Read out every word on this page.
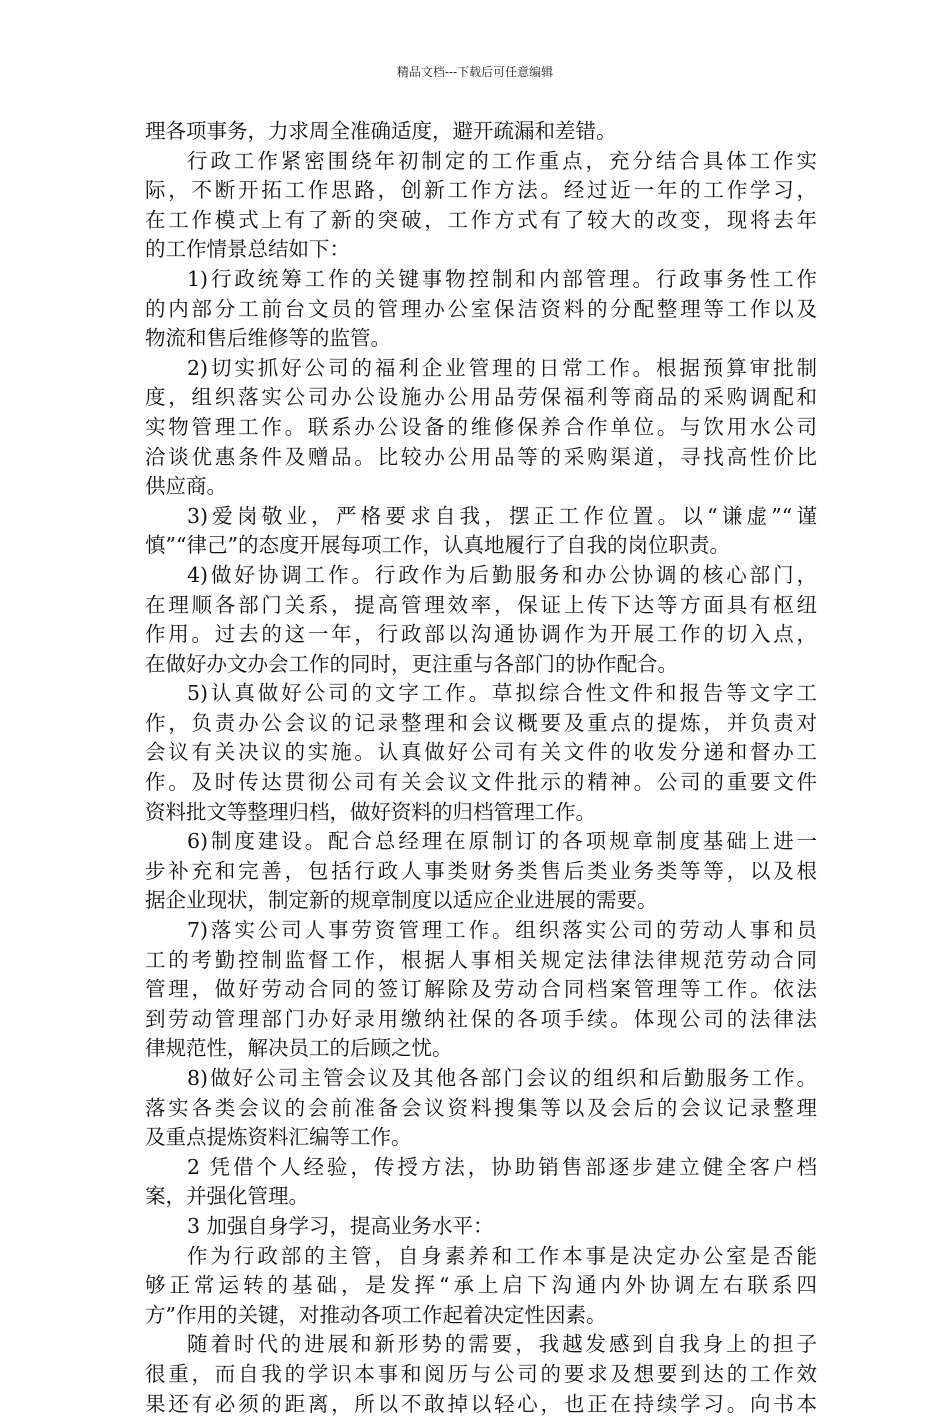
精品文档---下载后可任意编辑
理各项事务，力求周全准确适度，避开疏漏和差错。
行政工作紧密围绕年初制定的工作重点，充分结合具体工作实
际，不断开拓工作思路，创新工作方法。经过近一年的工作学习，
在工作模式上有了新的突破，工作方式有了较大的改变，现将去年
的工作情景总结如下：
1)行政统筹工作的关键事物控制和内部管理。行政事务性工作
的内部分工前台文员的管理办公室保洁资料的分配整理等工作以及
物流和售后维修等的监管。
2)切实抓好公司的福利企业管理的日常工作。根据预算审批制
度，组织落实公司办公设施办公用品劳保福利等商品的采购调配和
实物管理工作。联系办公设备的维修保养合作单位。与饮用水公司
洽谈优惠条件及赠品。比较办公用品等的采购渠道，寻找高性价比
供应商。
3)爱岗敬业，严格要求自我，摆正工作位置。以“谦虚”“谨
慎”“律己”的态度开展每项工作，认真地履行了自我的岗位职责。
4)做好协调工作。行政作为后勤服务和办公协调的核心部门，
在理顺各部门关系，提高管理效率，保证上传下达等方面具有枢纽
作用。过去的这一年，行政部以沟通协调作为开展工作的切入点，
在做好办文办会工作的同时，更注重与各部门的协作配合。
5)认真做好公司的文字工作。草拟综合性文件和报告等文字工
作，负责办公会议的记录整理和会议概要及重点的提炼，并负责对
会议有关决议的实施。认真做好公司有关文件的收发分递和督办工
作。及时传达贯彻公司有关会议文件批示的精神。公司的重要文件
资料批文等整理归档，做好资料的归档管理工作。
6)制度建设。配合总经理在原制订的各项规章制度基础上进一
步补充和完善，包括行政人事类财务类售后类业务类等等，以及根
据企业现状，制定新的规章制度以适应企业进展的需要。
7)落实公司人事劳资管理工作。组织落实公司的劳动人事和员
工的考勤控制监督工作，根据人事相关规定法律法律规范劳动合同
管理，做好劳动合同的签订解除及劳动合同档案管理等工作。依法
到劳动管理部门办好录用缴纳社保的各项手续。体现公司的法律法
律规范性，解决员工的后顾之忧。
8)做好公司主管会议及其他各部门会议的组织和后勤服务工作。
落实各类会议的会前准备会议资料搜集等以及会后的会议记录整理
及重点提炼资料汇编等工作。
2 凭借个人经验，传授方法，协助销售部逐步建立健全客户档
案，并强化管理。
3 加强自身学习，提高业务水平：
作为行政部的主管，自身素养和工作本事是决定办公室是否能
够正常运转的基础，是发挥“承上启下沟通内外协调左右联系四
方”作用的关键，对推动各项工作起着决定性因素。
随着时代的进展和新形势的需要，我越发感到自我身上的担子
很重，而自我的学识本事和阅历与公司的要求及想要到达的工作效
果还有必须的距离，所以不敢掉以轻心，也正在持续学习。向书本
